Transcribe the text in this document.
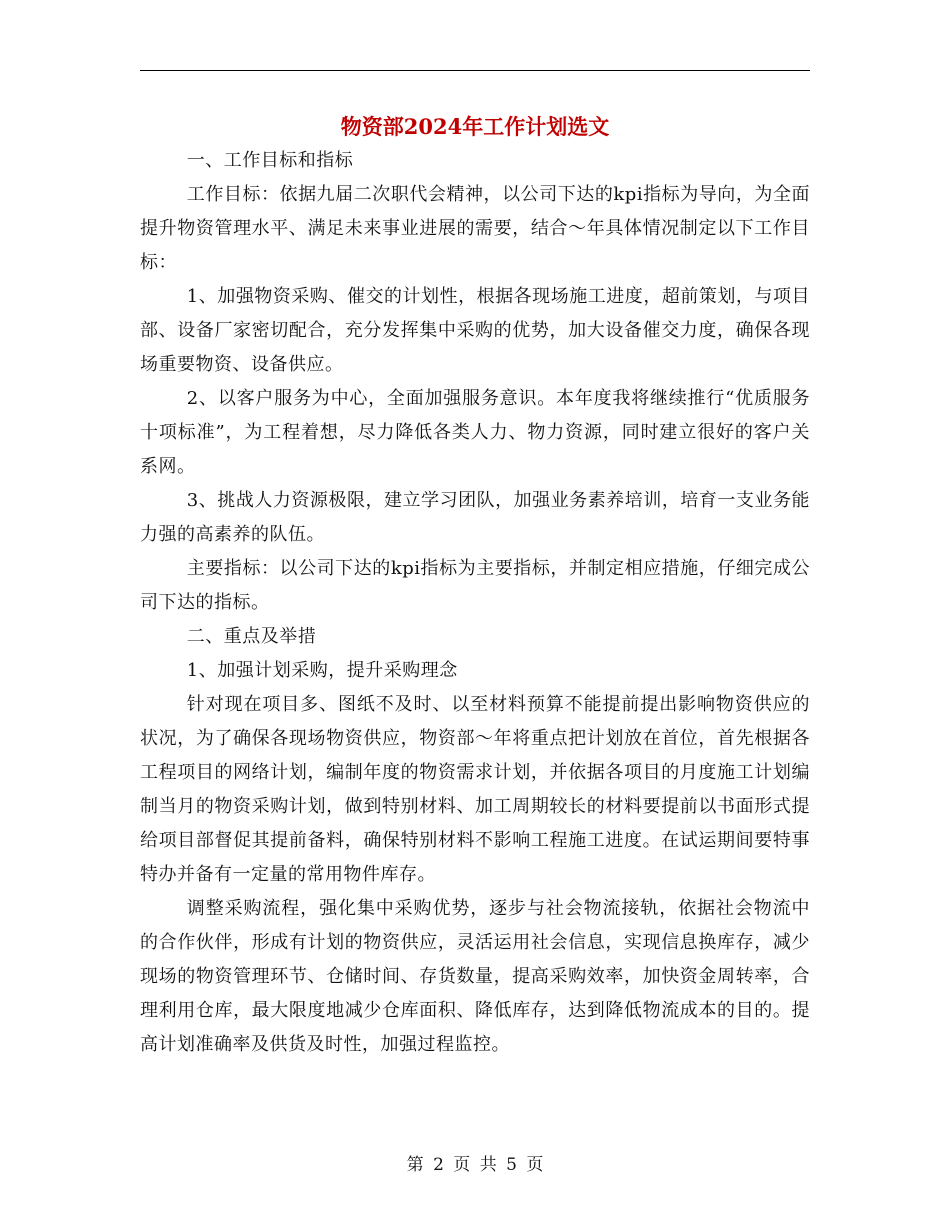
物资部2024年工作计划选文

一、工作目标和指标

工作目标：依据九届二次职代会精神，以公司下达的kpi指标为导向，为全面提升物资管理水平、满足未来事业进展的需要，结合～年具体情况制定以下工作目标：

1、加强物资采购、催交的计划性，根据各现场施工进度，超前策划，与项目部、设备厂家密切配合，充分发挥集中采购的优势，加大设备催交力度，确保各现场重要物资、设备供应。

2、以客户服务为中心，全面加强服务意识。本年度我将继续推行“优质服务十项标准”，为工程着想，尽力降低各类人力、物力资源，同时建立很好的客户关系网。

3、挑战人力资源极限，建立学习团队，加强业务素养培训，培育一支业务能力强的高素养的队伍。

主要指标：以公司下达的kpi指标为主要指标，并制定相应措施，仔细完成公司下达的指标。

二、重点及举措

1、加强计划采购，提升采购理念

针对现在项目多、图纸不及时、以至材料预算不能提前提出影响物资供应的状况，为了确保各现场物资供应，物资部～年将重点把计划放在首位，首先根据各工程项目的网络计划，编制年度的物资需求计划，并依据各项目的月度施工计划编制当月的物资采购计划，做到特别材料、加工周期较长的材料要提前以书面形式提给项目部督促其提前备料，确保特别材料不影响工程施工进度。在试运期间要特事特办并备有一定量的常用物件库存。

调整采购流程，强化集中采购优势，逐步与社会物流接轨，依据社会物流中的合作伙伴，形成有计划的物资供应，灵活运用社会信息，实现信息换库存，减少现场的物资管理环节、仓储时间、存货数量，提高采购效率，加快资金周转率，合理利用仓库，最大限度地减少仓库面积、降低库存，达到降低物流成本的目的。提高计划准确率及供货及时性，加强过程监控。

第 2 页 共 5 页
